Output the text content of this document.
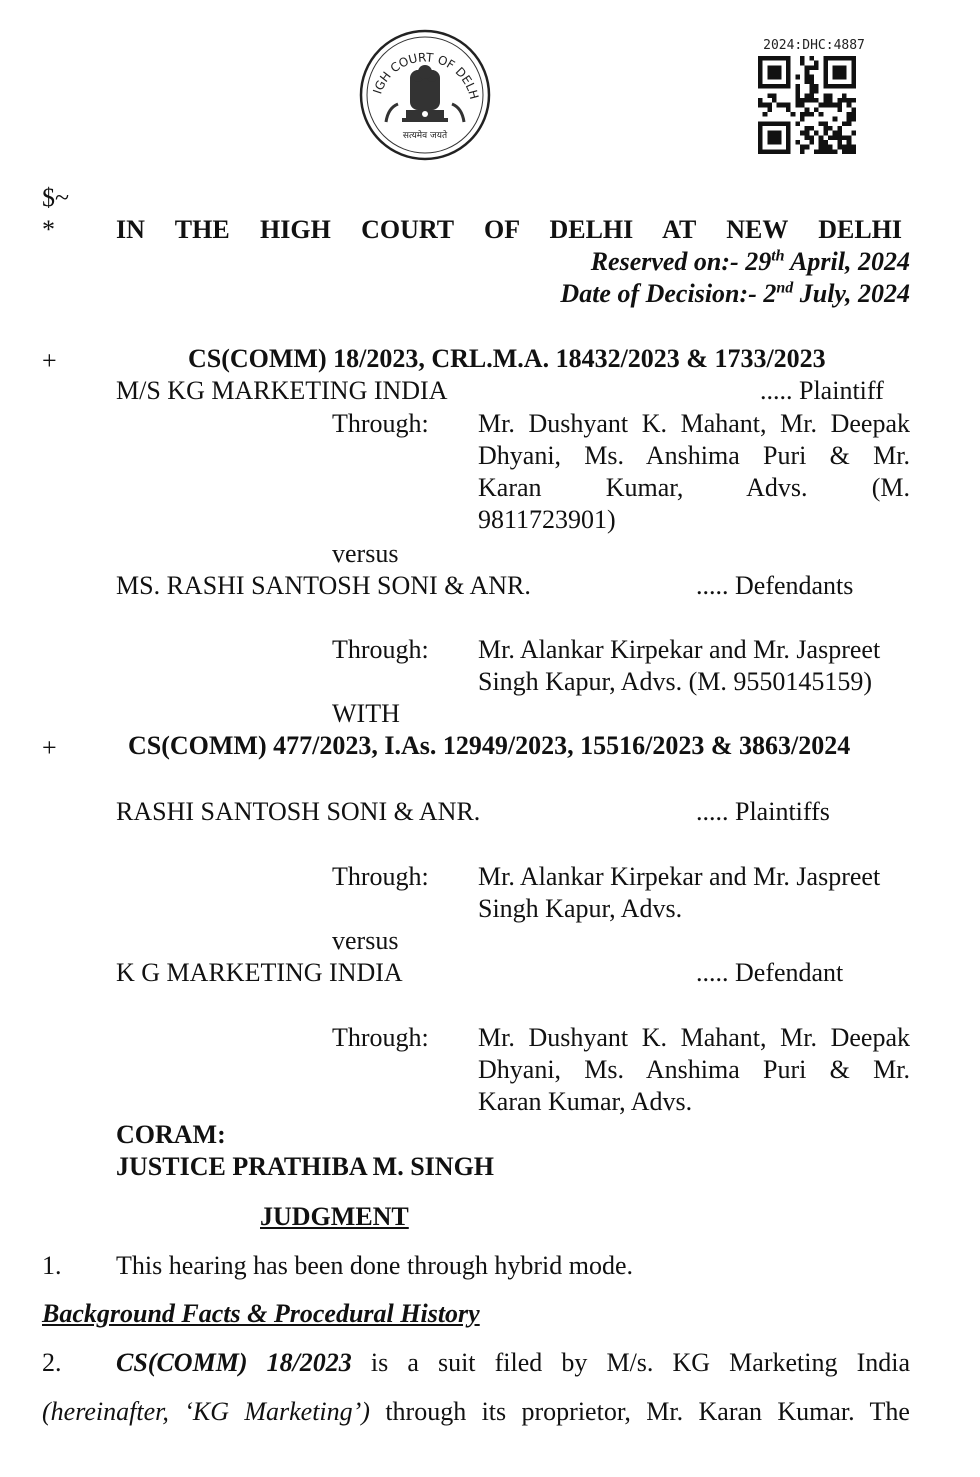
IGH COURT OF DELH
सत्यमेव जयते
2024:DHC:4887
$~
* IN THE HIGH COURT OF DELHI AT NEW DELHI
Reserved on:- 29th April, 2024
Date of Decision:- 2nd July, 2024
+	CS(COMM) 18/2023, CRL.M.A. 18432/2023 & 1733/2023
M/S KG MARKETING INDIA	..... Plaintiff
Through: Mr. Dushyant K. Mahant, Mr. Deepak
Dhyani, Ms. Anshima Puri & Mr.
Karan Kumar, Advs. (M.
9811723901)
versus
MS. RASHI SANTOSH SONI & ANR.	..... Defendants
Through: Mr. Alankar Kirpekar and Mr. Jaspreet
Singh Kapur, Advs. (M. 9550145159)
WITH
+	CS(COMM) 477/2023, I.As. 12949/2023, 15516/2023 & 3863/2024
RASHI SANTOSH SONI & ANR.	..... Plaintiffs
Through: Mr. Alankar Kirpekar and Mr. Jaspreet
Singh Kapur, Advs.
versus
K G MARKETING INDIA	..... Defendant
Through: Mr. Dushyant K. Mahant, Mr. Deepak
Dhyani, Ms. Anshima Puri & Mr.
Karan Kumar, Advs.
CORAM:
JUSTICE PRATHIBA M. SINGH
JUDGMENT
1. This hearing has been done through hybrid mode.
Background Facts & Procedural History
2. CS(COMM) 18/2023 is a suit filed by M/s. KG Marketing India
(hereinafter, ‘KG Marketing’) through its proprietor, Mr. Karan Kumar. The
